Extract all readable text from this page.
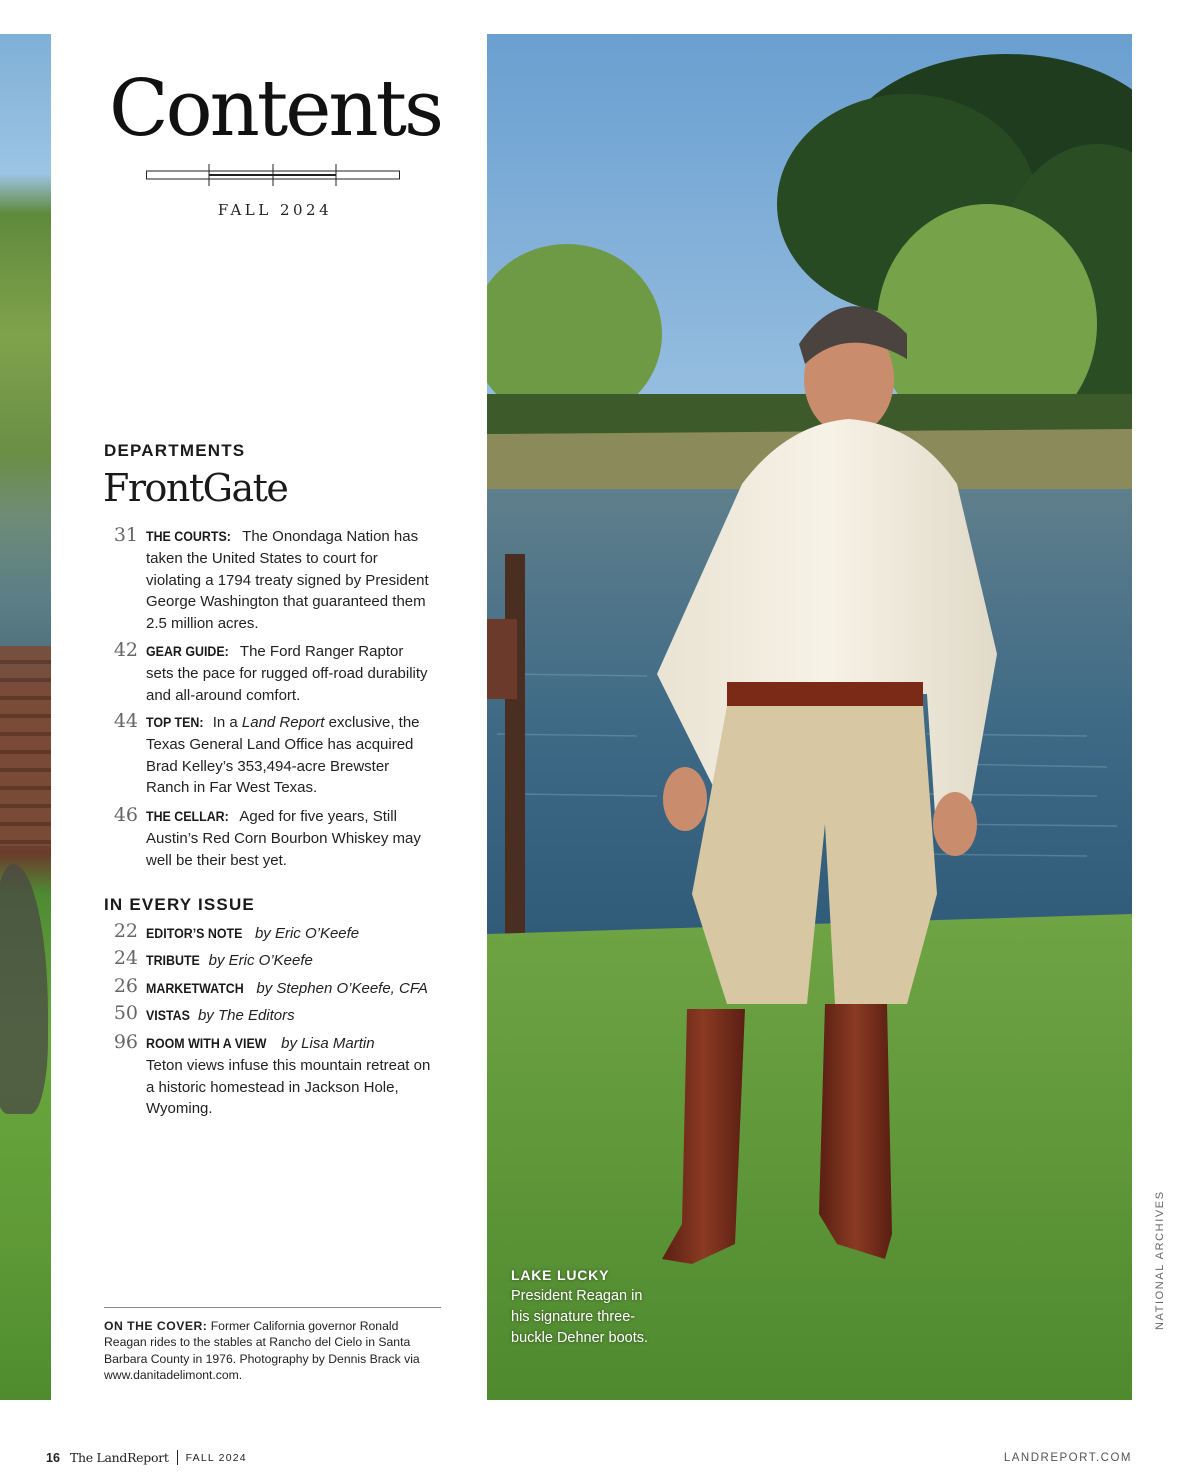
Contents
FALL 2024
DEPARTMENTS
FrontGate
31 THE COURTS: The Onondaga Nation has taken the United States to court for violating a 1794 treaty signed by President George Washington that guaranteed them 2.5 million acres.
42 GEAR GUIDE: The Ford Ranger Raptor sets the pace for rugged off-road durability and all-around comfort.
44 TOP TEN: In a Land Report exclusive, the Texas General Land Office has acquired Brad Kelley’s 353,494-acre Brewster Ranch in Far West Texas.
46 THE CELLAR: Aged for five years, Still Austin’s Red Corn Bourbon Whiskey may well be their best yet.
IN EVERY ISSUE
22 EDITOR’S NOTE by Eric O’Keefe
24 TRIBUTE by Eric O’Keefe
26 MARKETWATCH by Stephen O’Keefe, CFA
50 VISTAS by The Editors
96 ROOM WITH A VIEW by Lisa Martin
Teton views infuse this mountain retreat on a historic homestead in Jackson Hole, Wyoming.
ON THE COVER: Former California governor Ronald Reagan rides to the stables at Rancho del Cielo in Santa Barbara County in 1976. Photography by Dennis Brack via www.danitadelimont.com.
LAKE LUCKY
President Reagan in his signature three-buckle Dehner boots.
NATIONAL ARCHIVES
16 The LandReport FALL 2024	LANDREPORT.COM
